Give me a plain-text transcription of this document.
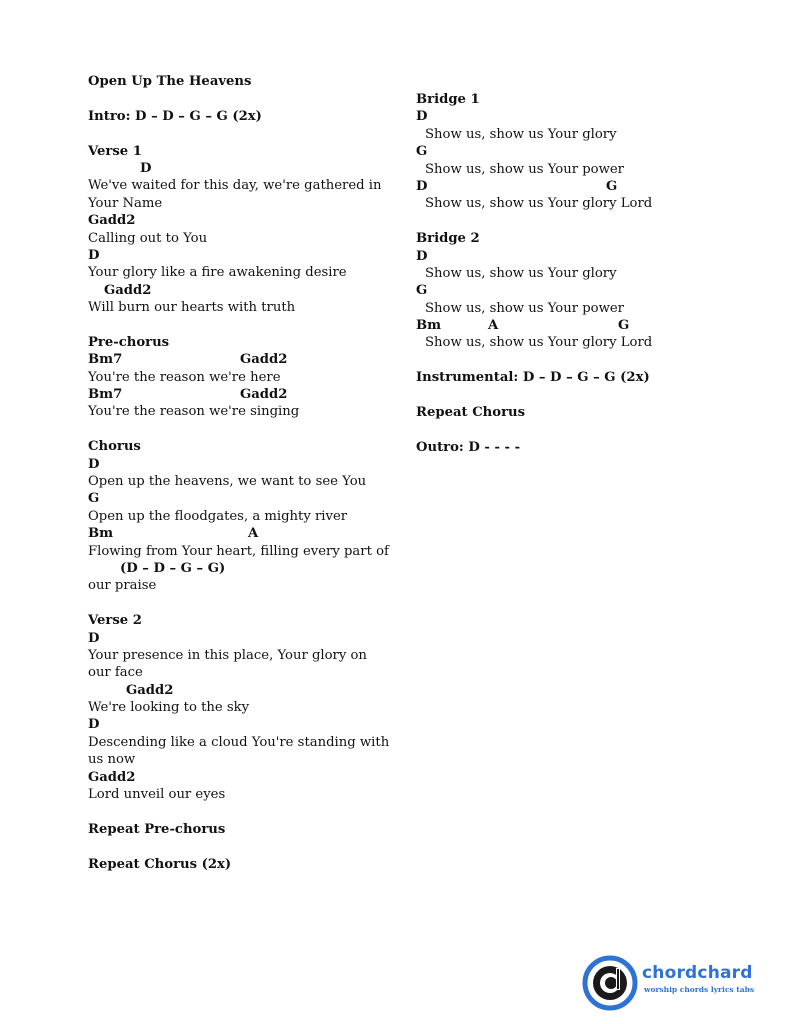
Open Up The Heavens
Intro: D – D – G – G (2x)
Verse 1

D

We've waited for this day, we're gathered in
Your Name
Gadd2
Calling out to You
D
Your glory like a fire awakening desire

Gadd2

Will burn our hearts with truth
Pre-chorus

Bm7

	Gadd2

You're the reason we're here

Bm7

	Gadd2

You're the reason we're singing
Chorus
D
Open up the heavens, we want to see You
G
Open up the floodgates, a mighty river

Bm

	A

Flowing from Your heart, filling every part of

(D – D – G – G)

our praise
Verse 2
D
Your presence in this place, Your glory on
our face

Gadd2

We're looking to the sky
D
Descending like a cloud You're standing with
us now
Gadd2
Lord unveil our eyes
Repeat Pre-chorus
Repeat Chorus (2x)
Bridge 1
D
Show us, show us Your glory
G
Show us, show us Your power

D

	G

Show us, show us Your glory Lord
Bridge 2
D
Show us, show us Your glory
G
Show us, show us Your power

Bm

	A

	G

Show us, show us Your glory Lord
Instrumental: D – D – G – G (2x)
Repeat Chorus
Outro: D - - - -
chordchard
worship chords lyrics tabs
